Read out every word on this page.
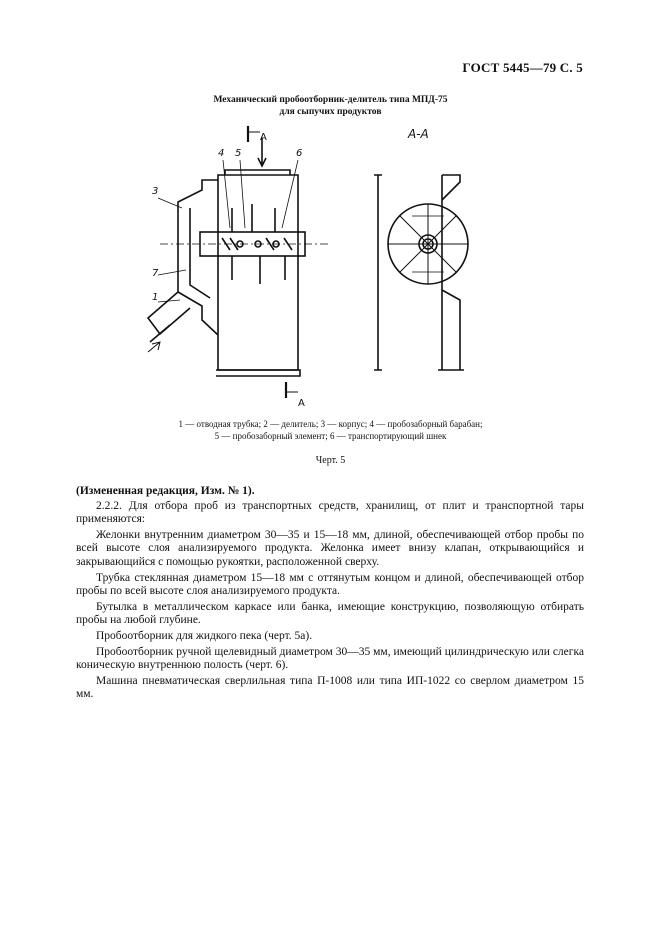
ГОСТ 5445—79 С. 5
Механический пробоотборник-делитель типа МПД-75
для сыпучих продуктов
4 5	6
3
7
1
А
А
А-А
1 — отводная трубка; 2 — делитель; 3 — корпус; 4 — пробозаборный барабан;
5 — пробозаборный элемент; 6 — транспортирующий шнек
Черт. 5

(Измененная редакция, Изм. № 1).

2.2.2. Для отбора проб из транспортных средств, хранилищ, от плит и транспортной тары применяются:

Желонки внутренним диаметром 30—35 и 15—18 мм, длиной, обеспечивающей отбор пробы по всей высоте слоя анализируемого продукта. Желонка имеет внизу клапан, открывающийся и закрывающийся с помощью рукоятки, расположенной сверху.

Трубка стеклянная диаметром 15—18 мм с оттянутым концом и длиной, обеспечивающей отбор пробы по всей высоте слоя анализируемого продукта.

Бутылка в металлическом каркасе или банка, имеющие конструкцию, позволяющую отбирать пробы на любой глубине.

Пробоотборник для жидкого пека (черт. 5а).

Пробоотборник ручной щелевидный диаметром 30—35 мм, имеющий цилиндрическую или слегка коническую внутреннюю полость (черт. 6).

Машина пневматическая сверлильная типа П-1008 или типа ИП-1022 со сверлом диаметром 15 мм.
